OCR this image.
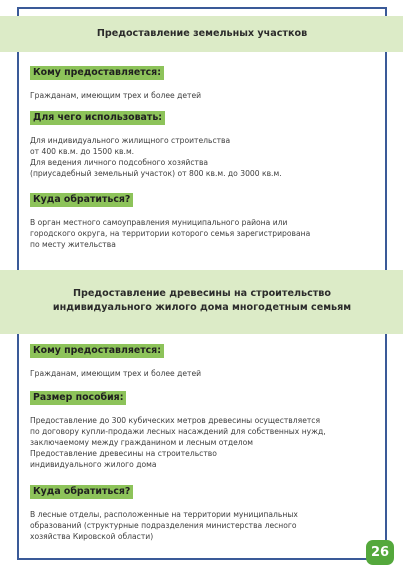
Предоставление земельных участков
Кому предоставляется:
Гражданам, имеющим трех и более детей
Для чего использовать:
Для индивидуального жилищного строительства
от 400 кв.м. до 1500 кв.м.
Для ведения личного подсобного хозяйства
(приусадебный земельный участок) от 800 кв.м. до 3000 кв.м.
Куда обратиться?
В орган местного самоуправления муниципального района или
городского округа, на территории которого семья зарегистрирована
по месту жительства
Предоставление древесины на строительство
индивидуального жилого дома многодетным семьям
Кому предоставляется:
Гражданам, имеющим трех и более детей
Размер пособия:
Предоставление до 300 кубических метров древесины осуществляется
по договору купли-продажи лесных насаждений для собственных нужд,
заключаемому между гражданином и лесным отделом
Предоставление древесины на строительство
индивидуального жилого дома
Куда обратиться?
В лесные отделы, расположенные на территории муниципальных
образований (структурные подразделения министерства лесного
хозяйства Кировской области)
26
